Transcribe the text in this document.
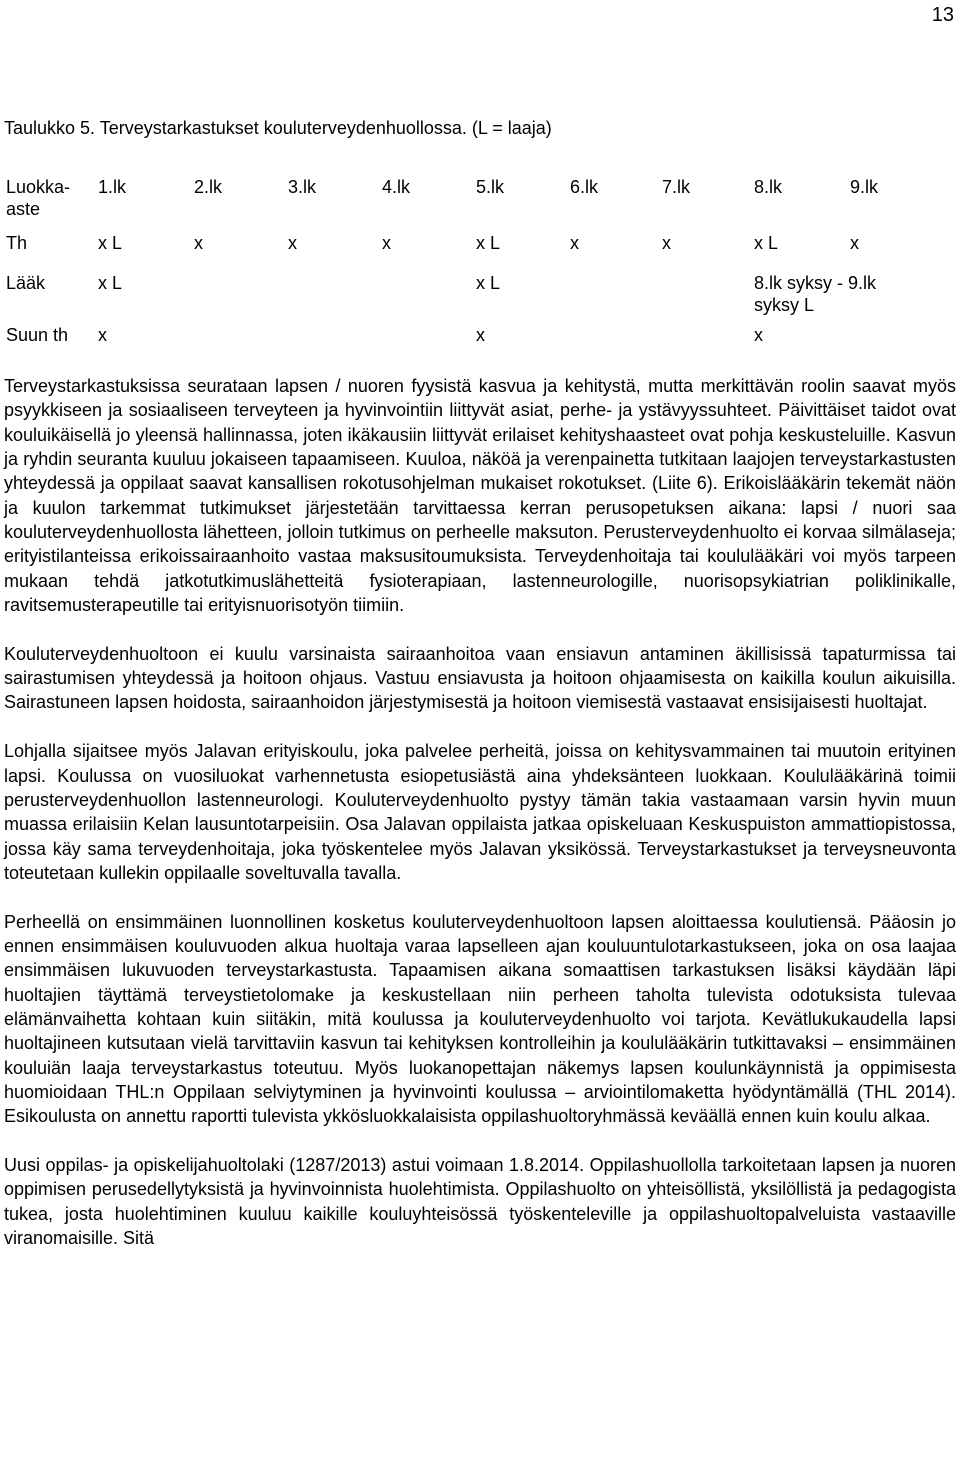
13
Taulukko 5. Terveystarkastukset kouluterveydenhuollossa. (L = laaja)
Luokka-aste	1.lk	2.lk	3.lk	4.lk	5.lk	6.lk	7.lk	8.lk	9.lk
Th	x L	x	x	x	x L	x	x	x L	x
Lääk	x L				x L			8.lk syksy - 9.lk syksy L	
Suun th	x				x			x	

Terveystarkastuksissa seurataan lapsen / nuoren fyysistä kasvua ja kehitystä, mutta merkittävän roolin saavat myös psyykkiseen ja sosiaaliseen terveyteen ja hyvinvointiin liittyvät asiat, perhe- ja ystävyyssuhteet. Päivittäiset taidot ovat kouluikäisellä jo yleensä hallinnassa, joten ikäkausiin liittyvät erilaiset kehityshaasteet ovat pohja keskusteluille. Kasvun ja ryhdin seuranta kuuluu jokaiseen tapaamiseen. Kuuloa, näköä ja verenpainetta tutkitaan laajojen terveystarkastusten yhteydessä ja oppilaat saavat kansallisen rokotusohjelman mukaiset rokotukset. (Liite 6). Erikoislääkärin tekemät näön ja kuulon tarkemmat tutkimukset järjestetään tarvittaessa kerran perusopetuksen aikana: lapsi / nuori saa kouluterveydenhuollosta lähetteen, jolloin tutkimus on perheelle maksuton. Perusterveydenhuolto ei korvaa silmälaseja; erityistilanteissa erikoissairaanhoito vastaa maksusitoumuksista. Terveydenhoitaja tai koululääkäri voi myös tarpeen mukaan tehdä jatkotutkimuslähetteitä fysioterapiaan, lastenneurologille, nuorisopsykiatrian poliklinikalle, ravitsemusterapeutille tai erityisnuorisotyön tiimiin.

Kouluterveydenhuoltoon ei kuulu varsinaista sairaanhoitoa vaan ensiavun antaminen äkillisissä tapaturmissa tai sairastumisen yhteydessä ja hoitoon ohjaus. Vastuu ensiavusta ja hoitoon ohjaamisesta on kaikilla koulun aikuisilla. Sairastuneen lapsen hoidosta, sairaanhoidon järjestymisestä ja hoitoon viemisestä vastaavat ensisijaisesti huoltajat.

Lohjalla sijaitsee myös Jalavan erityiskoulu, joka palvelee perheitä, joissa on kehitysvammainen tai muutoin erityinen lapsi. Koulussa on vuosiluokat varhennetusta esiopetusiästä aina yhdeksänteen luokkaan. Koululääkärinä toimii perusterveydenhuollon lastenneurologi. Kouluterveydenhuolto pystyy tämän takia vastaamaan varsin hyvin muun muassa erilaisiin Kelan lausuntotarpeisiin. Osa Jalavan oppilaista jatkaa opiskeluaan Keskuspuiston ammattiopistossa, jossa käy sama terveydenhoitaja, joka työskentelee myös Jalavan yksikössä. Terveystarkastukset ja terveysneuvonta toteutetaan kullekin oppilaalle soveltuvalla tavalla.

Perheellä on ensimmäinen luonnollinen kosketus kouluterveydenhuoltoon lapsen aloittaessa koulutiensä. Pääosin jo ennen ensimmäisen kouluvuoden alkua huoltaja varaa lapselleen ajan kouluuntulotarkastukseen, joka on osa laajaa ensimmäisen lukuvuoden terveystarkastusta. Tapaamisen aikana somaattisen tarkastuksen lisäksi käydään läpi huoltajien täyttämä terveystietolomake ja keskustellaan niin perheen taholta tulevista odotuksista tulevaa elämänvaihetta kohtaan kuin siitäkin, mitä koulussa ja kouluterveydenhuolto voi tarjota. Kevätlukukaudella lapsi huoltajineen kutsutaan vielä tarvittaviin kasvun tai kehityksen kontrolleihin ja koululääkärin tutkittavaksi – ensimmäinen kouluiän laaja terveystarkastus toteutuu. Myös luokanopettajan näkemys lapsen koulunkäynnistä ja oppimisesta huomioidaan THL:n Oppilaan selviytyminen ja hyvinvointi koulussa – arviointilomaketta hyödyntämällä (THL 2014). Esikoulusta on annettu raportti tulevista ykkösluokkalaisista oppilashuoltoryhmässä keväällä ennen kuin koulu alkaa.

Uusi oppilas- ja opiskelijahuoltolaki (1287/2013) astui voimaan 1.8.2014. Oppilashuollolla tarkoitetaan lapsen ja nuoren oppimisen perusedellytyksistä ja hyvinvoinnista huolehtimista. Oppilashuolto on yhteisöllistä, yksilöllistä ja pedagogista tukea, josta huolehtiminen kuuluu kaikille kouluyhteisössä työskenteleville ja oppilashuoltopalveluista vastaaville viranomaisille. Sitä
